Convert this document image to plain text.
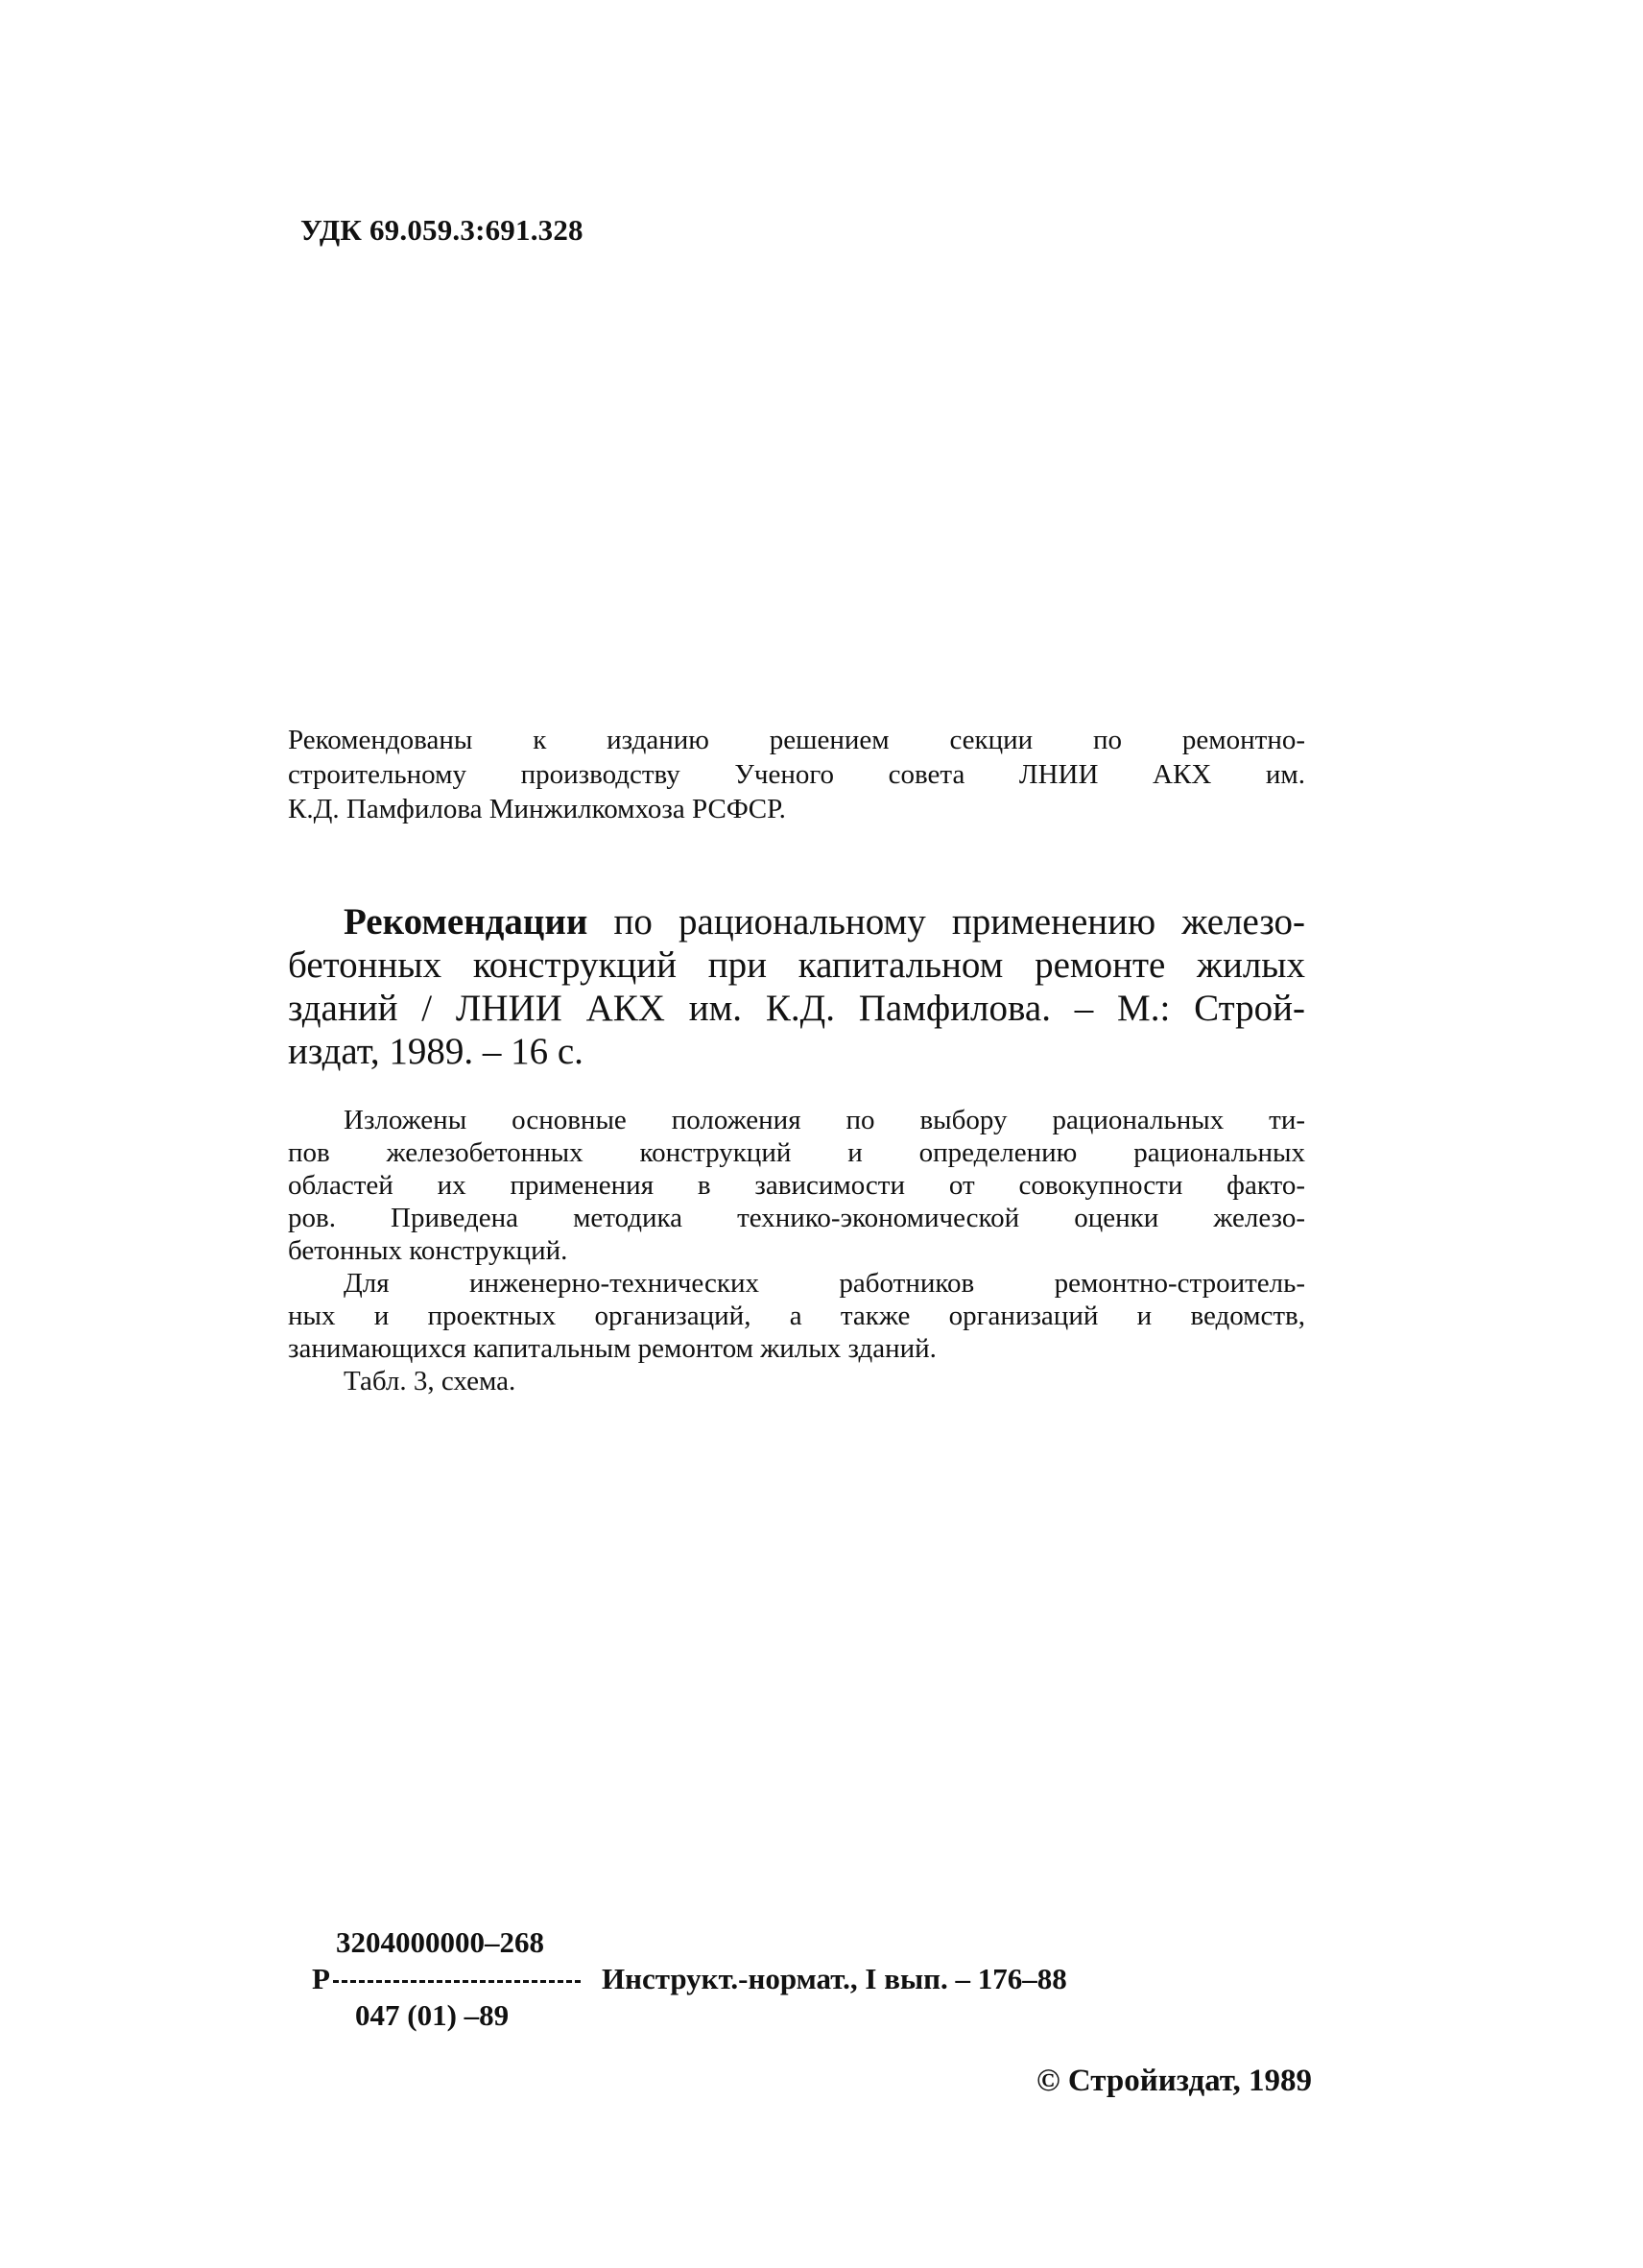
УДК 69.059.3:691.328
Рекомендованы к изданию решением секции по ремонтно-
строительному производству Ученого совета ЛНИИ АКХ им.
К.Д. Памфилова Минжилкомхоза РСФСР.
Рекомендации по рациональному применению железо-
бетонных конструкций при капитальном ремонте жилых
зданий / ЛНИИ АКХ им. К.Д. Памфилова. – М.: Строй-
издат, 1989. – 16 с.
Изложены основные положения по выбору рациональных ти-
пов железобетонных конструкций и определению рациональных
областей их применения в зависимости от совокупности факто-
ров. Приведена методика технико-экономической оценки железо-
бетонных конструкций.
Для инженерно-технических работников ремонтно-строитель-
ных и проектных организаций, а также организаций и ведомств,
занимающихся капитальным ремонтом жилых зданий.
Табл. 3, схема.
3204000000–268
Р	Инструкт.-нормат., I вып. – 176–88
047 (01) –89
© Стройиздат, 1989
